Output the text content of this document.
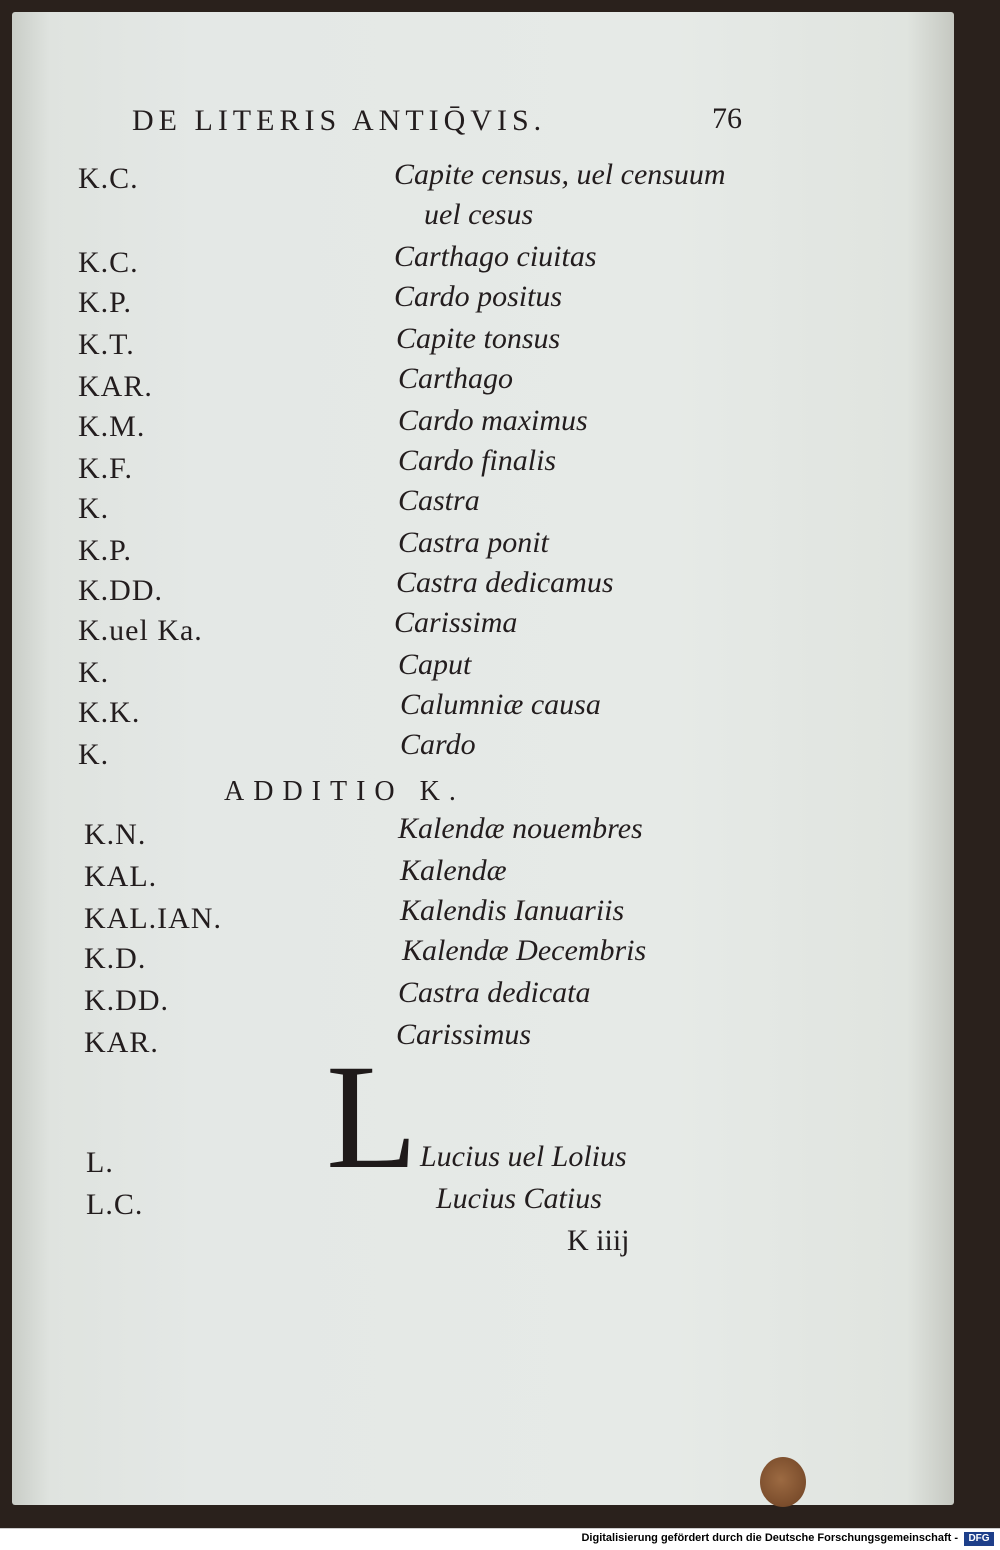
DE LITERIS ANTIQ̄VIS.	76
K.C.	Capite census, uel censuum
uel cesus
K.C.	Carthago ciuitas
K.P.	Cardo positus
K.T.	Capite tonsus
KAR.	Carthago
K.M.	Cardo maximus
K.F.	Cardo finalis
K.	Castra
K.P.	Castra ponit
K.DD.	Castra dedicamus
K.uel Ka.	Carissima
K.	Caput
K.K.	Calumniæ causa
K.	Cardo
ADDITIO K.
K.N.	Kalendæ nouembres
KAL.	Kalendæ
KAL.IAN.	Kalendis Ianuariis
K.D.	Kalendæ Decembris
K.DD.	Castra dedicata
KAR.	Carissimus
L
L.	Lucius uel Lolius
L.C.	Lucius Catius
K iiij
Digitalisierung gefördert durch die Deutsche Forschungsgemeinschaft -	DFG
